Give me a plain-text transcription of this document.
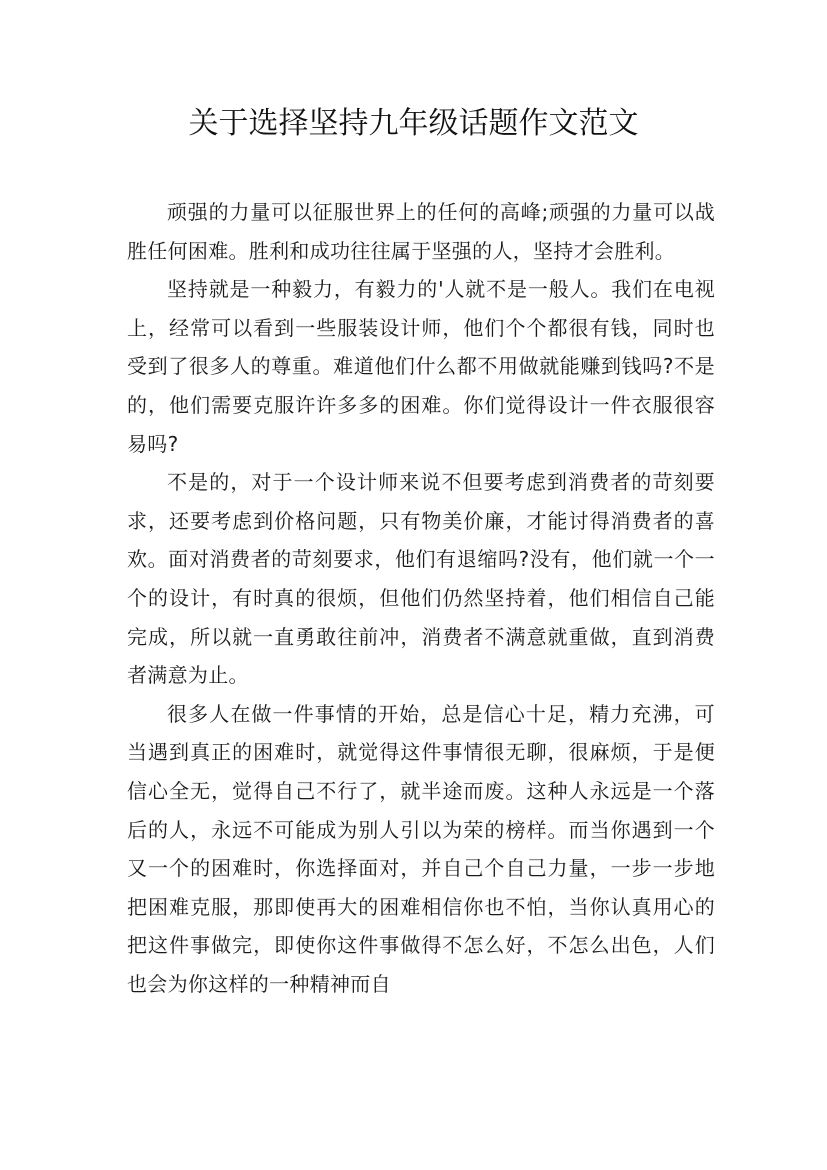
关于选择坚持九年级话题作文范文

顽强的力量可以征服世界上的任何的高峰;顽强的力量可以战胜任何困难。胜利和成功往往属于坚强的人，坚持才会胜利。

坚持就是一种毅力，有毅力的'人就不是一般人。我们在电视上，经常可以看到一些服装设计师，他们个个都很有钱，同时也受到了很多人的尊重。难道他们什么都不用做就能赚到钱吗?不是的，他们需要克服许许多多的困难。你们觉得设计一件衣服很容易吗?

不是的，对于一个设计师来说不但要考虑到消费者的苛刻要求，还要考虑到价格问题，只有物美价廉，才能讨得消费者的喜欢。面对消费者的苛刻要求，他们有退缩吗?没有，他们就一个一个的设计，有时真的很烦，但他们仍然坚持着，他们相信自己能完成，所以就一直勇敢往前冲，消费者不满意就重做，直到消费者满意为止。

很多人在做一件事情的开始，总是信心十足，精力充沸，可当遇到真正的困难时，就觉得这件事情很无聊，很麻烦，于是便信心全无，觉得自己不行了，就半途而废。这种人永远是一个落后的人，永远不可能成为别人引以为荣的榜样。而当你遇到一个又一个的困难时，你选择面对，并自己个自己力量，一步一步地把困难克服，那即使再大的困难相信你也不怕，当你认真用心的把这件事做完，即使你这件事做得不怎么好，不怎么出色，人们也会为你这样的一种精神而自
